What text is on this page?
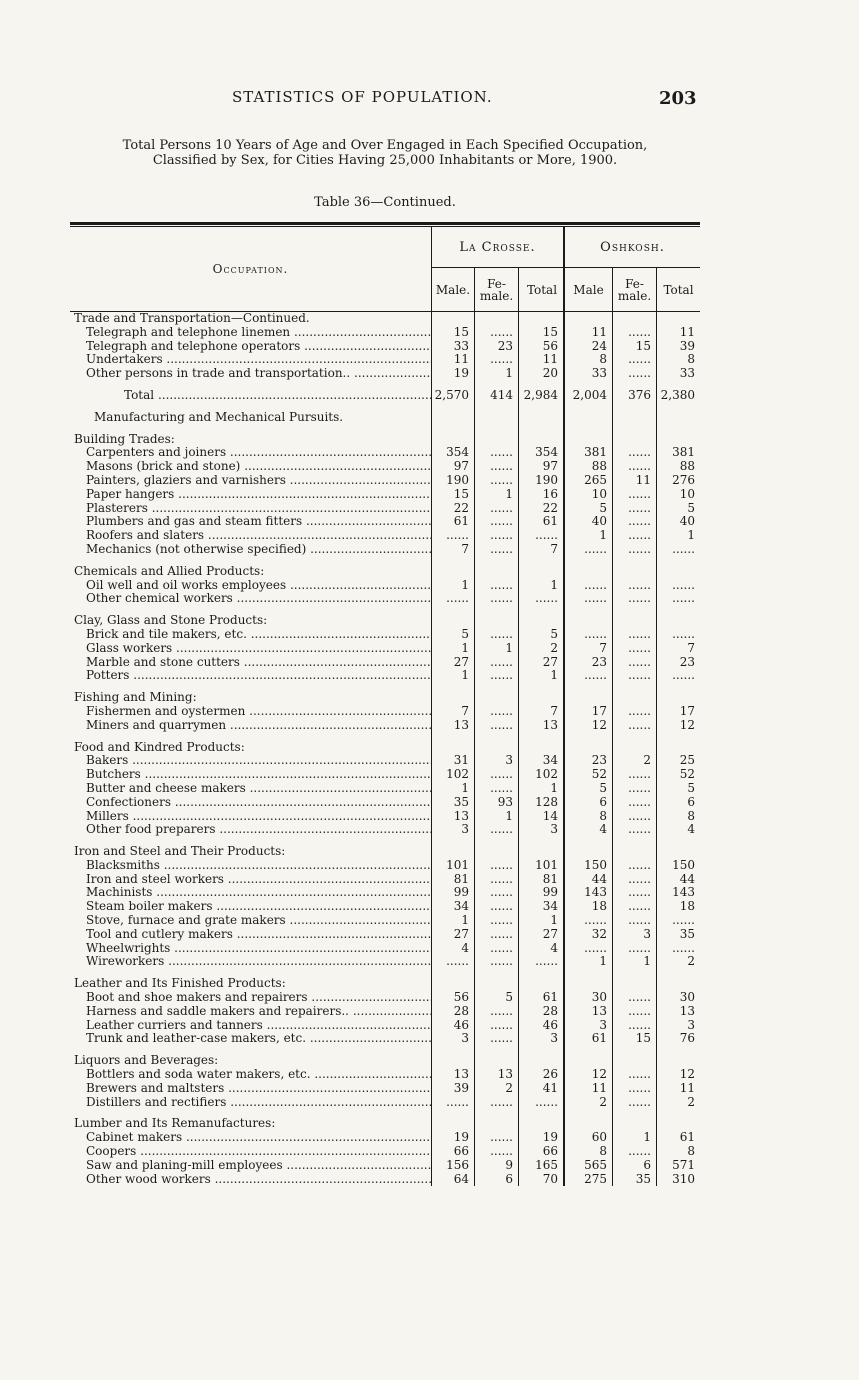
STATISTICS OF POPULATION.	203
Total Persons 10 Years of Age and Over Engaged in Each Specified Occupation,
Classified by Sex, for Cities Having 25,000 Inhabitants or More, 1900.
Table 36—Continued.
Occupation.
La Crosse.
Male.	Fe-male.	Total
Oshkosh.
Male	Fe-male.	Total
Trade and Transportation—Continued.
Telegraph and telephone linemen .....	15	......	15	11	......	11
Telegraph and telephone operators .....	33	23	56	24	15	39
Undertakers .....	11	......	11	8	......	8
Other persons in trade and transportation.. .....	19	1	20	33	......	33
Total .....	2,570	414 2,984	2,004	376 2,380
Manufacturing and Mechanical Pursuits.
Building Trades:
Carpenters and joiners .....	354	......	354	381	......	381
Masons (brick and stone) .....	97	......	97	88	......	88
Painters, glaziers and varnishers .....	190	......	190	265	11	276
Paper hangers .....	15	1	16	10	......	10
Plasterers .....	22	......	22	5	......	5
Plumbers and gas and steam fitters .....	61	......	61	40	......	40
Roofers and slaters .....	......	......	......	1	......	1
Mechanics (not otherwise specified) .....	7	......	7	......	......	......
Chemicals and Allied Products:
Oil well and oil works employees .....	1	......	1	......	......	......
Other chemical workers .....	......	......	......	......	......	......
Clay, Glass and Stone Products:
Brick and tile makers, etc. .....	5	......	5	......	......	......
Glass workers .....	1	1	2	7	......	7
Marble and stone cutters .....	27	......	27	23	......	23
Potters .....	1	......	1	......	......	......
Fishing and Mining:
Fishermen and oystermen .....	7	......	7	17	......	17
Miners and quarrymen .....	13	......	13	12	......	12
Food and Kindred Products:
Bakers .....	31	3	34	23	2	25
Butchers .....	102	......	102	52	......	52
Butter and cheese makers .....	1	......	1	5	......	5
Confectioners .....	35	93	128	6	......	6
Millers .....	13	1	14	8	......	8
Other food preparers .....	3	......	3	4	......	4
Iron and Steel and Their Products:
Blacksmiths .....	101	......	101	150	......	150
Iron and steel workers .....	81	......	81	44	......	44
Machinists .....	99	......	99	143	......	143
Steam boiler makers .....	34	......	34	18	......	18
Stove, furnace and grate makers .....	1	......	1	......	......	......
Tool and cutlery makers .....	27	......	27	32	3	35
Wheelwrights .....	4	......	4	......	......	......
Wireworkers .....	......	......	......	1	1	2
Leather and Its Finished Products:
Boot and shoe makers and repairers .....	56	5	61	30	......	30
Harness and saddle makers and repairers.. .....	28	......	28	13	......	13
Leather curriers and tanners .....	46	......	46	3	......	3
Trunk and leather-case makers, etc. .....	3	......	3	61	15	76
Liquors and Beverages:
Bottlers and soda water makers, etc. .....	13	13	26	12	......	12
Brewers and maltsters .....	39	2	41	11	......	11
Distillers and rectifiers .....	......	......	......	2	......	2
Lumber and Its Remanufactures:
Cabinet makers .....	19	......	19	60	1	61
Coopers .....	66	......	66	8	......	8
Saw and planing-mill employees .....	156	9	165	565	6	571
Other wood workers .....	64	6	70	275	35	310
